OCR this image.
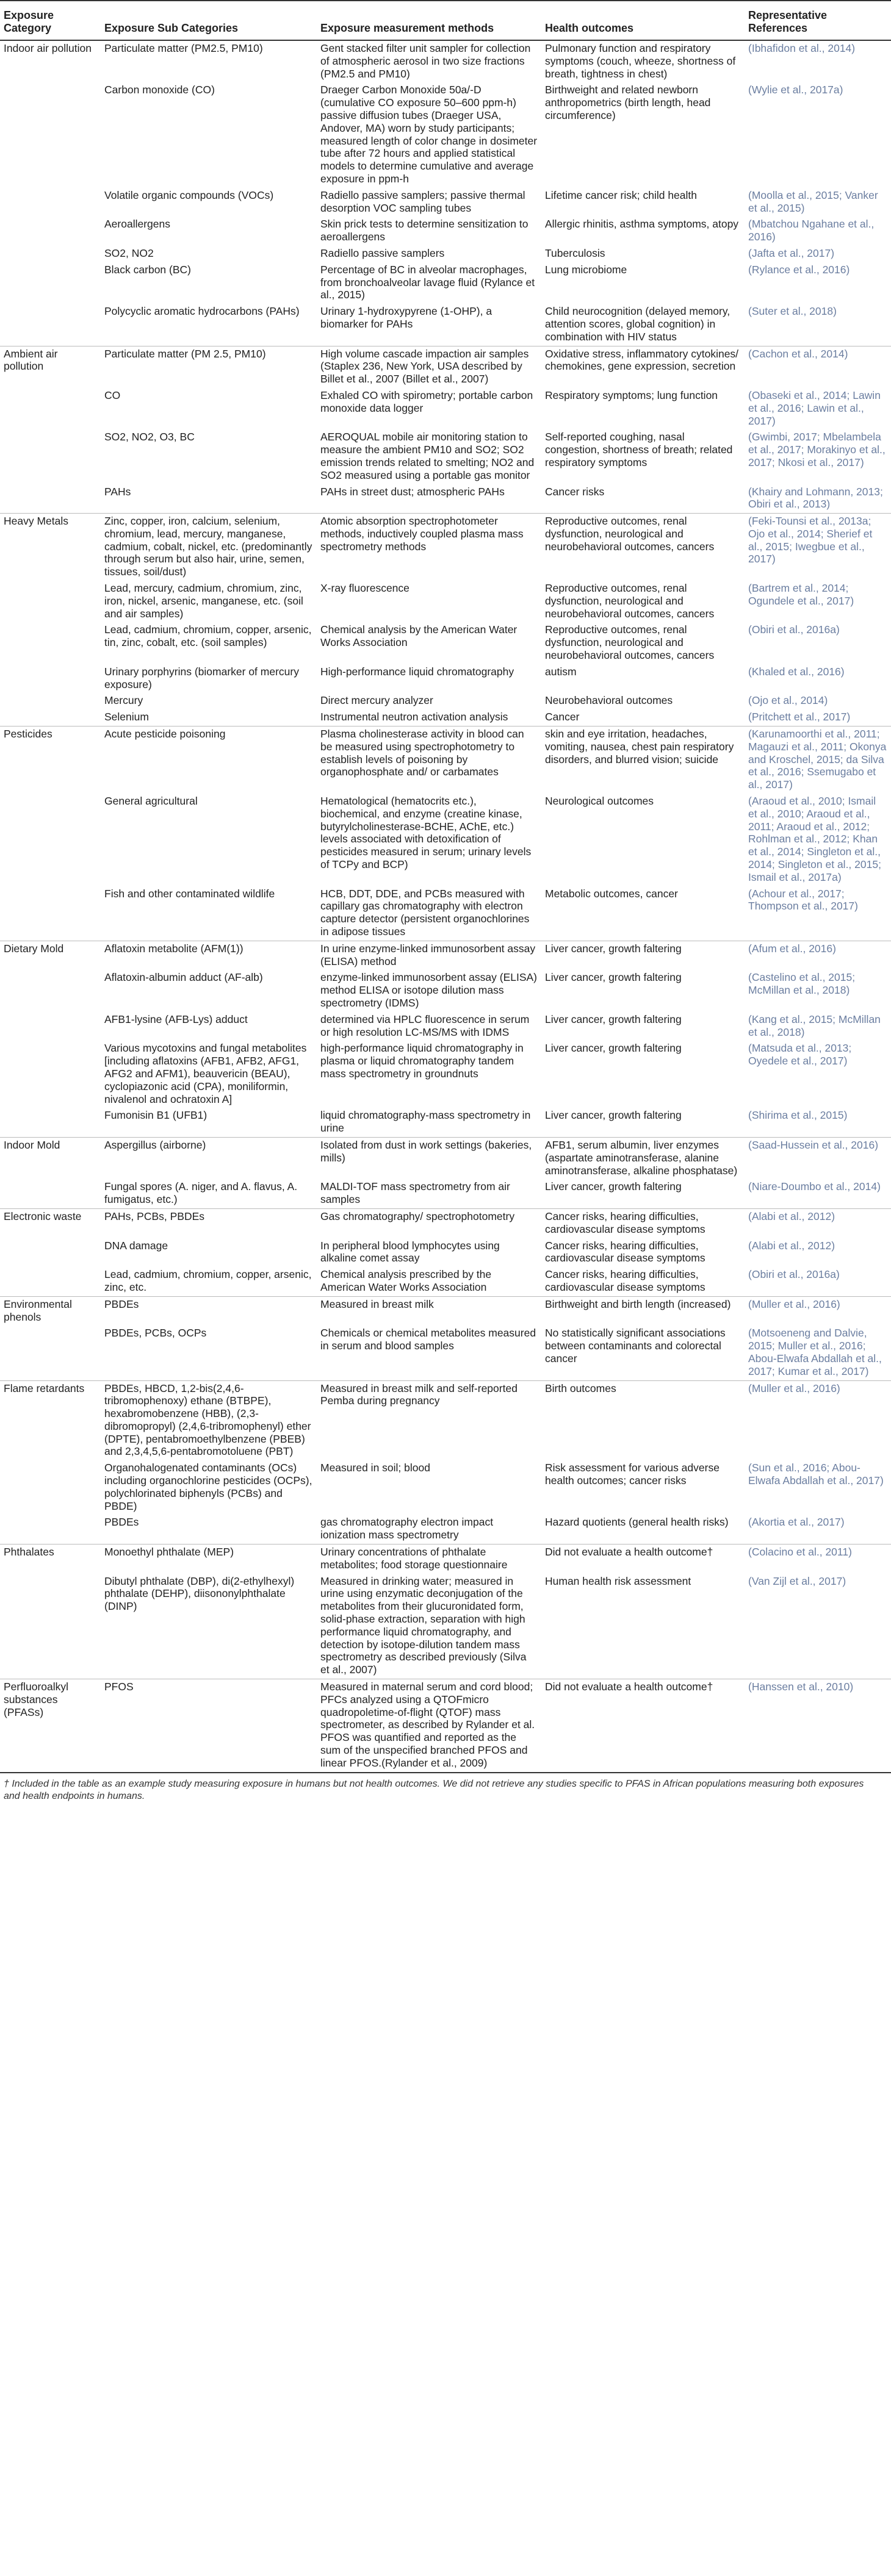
Exposure Category	Exposure Sub Categories	Exposure measurement methods	Health outcomes	Representative References
Indoor air pollution	Particulate matter (PM2.5, PM10)	Gent stacked filter unit sampler for collection of atmospheric aerosol in two size fractions (PM2.5 and PM10)	Pulmonary function and respiratory symptoms (couch, wheeze, shortness of breath, tightness in chest)	(Ibhafidon et al., 2014)
	Carbon monoxide (CO)	Draeger Carbon Monoxide 50a/-D (cumulative CO exposure 50–600 ppm-h) passive diffusion tubes (Draeger USA, Andover, MA) worn by study participants; measured length of color change in dosimeter tube after 72 hours and applied statistical models to determine cumulative and average exposure in ppm-h	Birthweight and related newborn anthropometrics (birth length, head circumference)	(Wylie et al., 2017a)
	Volatile organic compounds (VOCs)	Radiello passive samplers; passive thermal desorption VOC sampling tubes	Lifetime cancer risk; child health	(Moolla et al., 2015; Vanker et al., 2015)
	Aeroallergens	Skin prick tests to determine sensitization to aeroallergens	Allergic rhinitis, asthma symptoms, atopy	(Mbatchou Ngahane et al., 2016)
	SO2, NO2	Radiello passive samplers	Tuberculosis	(Jafta et al., 2017)
	Black carbon (BC)	Percentage of BC in alveolar macrophages, from bronchoalveolar lavage fluid (Rylance et al., 2015)	Lung microbiome	(Rylance et al., 2016)
	Polycyclic aromatic hydrocarbons (PAHs)	Urinary 1-hydroxypyrene (1-OHP), a biomarker for PAHs	Child neurocognition (delayed memory, attention scores, global cognition) in combination with HIV status	(Suter et al., 2018)
Ambient air pollution	Particulate matter (PM 2.5, PM10)	High volume cascade impaction air samples (Staplex 236, New York, USA described by Billet et al., 2007 (Billet et al., 2007)	Oxidative stress, inflammatory cytokines/ chemokines, gene expression, secretion	(Cachon et al., 2014)
	CO	Exhaled CO with spirometry; portable carbon monoxide data logger	Respiratory symptoms; lung function	(Obaseki et al., 2014; Lawin et al., 2016; Lawin et al., 2017)
	SO2, NO2, O3, BC	AEROQUAL mobile air monitoring station to measure the ambient PM10 and SO2; SO2 emission trends related to smelting; NO2 and SO2 measured using a portable gas monitor	Self-reported coughing, nasal congestion, shortness of breath; related respiratory symptoms	(Gwimbi, 2017; Mbelambela et al., 2017; Morakinyo et al., 2017; Nkosi et al., 2017)
	PAHs	PAHs in street dust; atmospheric PAHs	Cancer risks	(Khairy and Lohmann, 2013; Obiri et al., 2013)
Heavy Metals	Zinc, copper, iron, calcium, selenium, chromium, lead, mercury, manganese, cadmium, cobalt, nickel, etc. (predominantly through serum but also hair, urine, semen, tissues, soil/dust)	Atomic absorption spectrophotometer methods, inductively coupled plasma mass spectrometry methods	Reproductive outcomes, renal dysfunction, neurological and neurobehavioral outcomes, cancers	(Feki-Tounsi et al., 2013a; Ojo et al., 2014; Sherief et al., 2015; Iwegbue et al., 2017)
	Lead, mercury, cadmium, chromium, zinc, iron, nickel, arsenic, manganese, etc. (soil and air samples)	X-ray fluorescence	Reproductive outcomes, renal dysfunction, neurological and neurobehavioral outcomes, cancers	(Bartrem et al., 2014; Ogundele et al., 2017)
	Lead, cadmium, chromium, copper, arsenic, tin, zinc, cobalt, etc. (soil samples)	Chemical analysis by the American Water Works Association	Reproductive outcomes, renal dysfunction, neurological and neurobehavioral outcomes, cancers	(Obiri et al., 2016a)
	Urinary porphyrins (biomarker of mercury exposure)	High-performance liquid chromatography	autism	(Khaled et al., 2016)
	Mercury	Direct mercury analyzer	Neurobehavioral outcomes	(Ojo et al., 2014)
	Selenium	Instrumental neutron activation analysis	Cancer	(Pritchett et al., 2017)
Pesticides	Acute pesticide poisoning	Plasma cholinesterase activity in blood can be measured using spectrophotometry to establish levels of poisoning by organophosphate and/ or carbamates	skin and eye irritation, headaches, vomiting, nausea, chest pain respiratory disorders, and blurred vision; suicide	(Karunamoorthi et al., 2011; Magauzi et al., 2011; Okonya and Kroschel, 2015; da Silva et al., 2016; Ssemugabo et al., 2017)
	General agricultural	Hematological (hematocrits etc.), biochemical, and enzyme (creatine kinase, butyrylcholinesterase-BCHE, AChE, etc.) levels associated with detoxification of pesticides measured in serum; urinary levels of TCPy and BCP)	Neurological outcomes	(Araoud et al., 2010; Ismail et al., 2010; Araoud et al., 2011; Araoud et al., 2012; Rohlman et al., 2012; Khan et al., 2014; Singleton et al., 2014; Singleton et al., 2015; Ismail et al., 2017a)
	Fish and other contaminated wildlife	HCB, DDT, DDE, and PCBs measured with capillary gas chromatography with electron capture detector (persistent organochlorines in adipose tissues	Metabolic outcomes, cancer	(Achour et al., 2017; Thompson et al., 2017)
Dietary Mold	Aflatoxin metabolite (AFM(1))	In urine enzyme-linked immunosorbent assay (ELISA) method	Liver cancer, growth faltering	(Afum et al., 2016)
	Aflatoxin-albumin adduct (AF-alb)	enzyme-linked immunosorbent assay (ELISA) method ELISA or isotope dilution mass spectrometry (IDMS)	Liver cancer, growth faltering	(Castelino et al., 2015; McMillan et al., 2018)
	AFB1-lysine (AFB-Lys) adduct	determined via HPLC fluorescence in serum or high resolution LC-MS/MS with IDMS	Liver cancer, growth faltering	(Kang et al., 2015; McMillan et al., 2018)
	Various mycotoxins and fungal metabolites [including aflatoxins (AFB1, AFB2, AFG1, AFG2 and AFM1), beauvericin (BEAU), cyclopiazonic acid (CPA), moniliformin, nivalenol and ochratoxin A]	high-performance liquid chromatography in plasma or liquid chromatography tandem mass spectrometry in groundnuts	Liver cancer, growth faltering	(Matsuda et al., 2013; Oyedele et al., 2017)
	Fumonisin B1 (UFB1)	liquid chromatography-mass spectrometry in urine	Liver cancer, growth faltering	(Shirima et al., 2015)
Indoor Mold	Aspergillus (airborne)	Isolated from dust in work settings (bakeries, mills)	AFB1, serum albumin, liver enzymes (aspartate aminotransferase, alanine aminotransferase, alkaline phosphatase)	(Saad-Hussein et al., 2016)
	Fungal spores (A. niger, and A. flavus, A. fumigatus, etc.)	MALDI-TOF mass spectrometry from air samples	Liver cancer, growth faltering	(Niare-Doumbo et al., 2014)
Electronic waste	PAHs, PCBs, PBDEs	Gas chromatography/ spectrophotometry	Cancer risks, hearing difficulties, cardiovascular disease symptoms	(Alabi et al., 2012)
	DNA damage	In peripheral blood lymphocytes using alkaline comet assay	Cancer risks, hearing difficulties, cardiovascular disease symptoms	(Alabi et al., 2012)
	Lead, cadmium, chromium, copper, arsenic, zinc, etc.	Chemical analysis prescribed by the American Water Works Association	Cancer risks, hearing difficulties, cardiovascular disease symptoms	(Obiri et al., 2016a)
Environmental phenols	PBDEs	Measured in breast milk	Birthweight and birth length (increased)	(Muller et al., 2016)
	PBDEs, PCBs, OCPs	Chemicals or chemical metabolites measured in serum and blood samples	No statistically significant associations between contaminants and colorectal cancer	(Motsoeneng and Dalvie, 2015; Muller et al., 2016; Abou-Elwafa Abdallah et al., 2017; Kumar et al., 2017)
Flame retardants	PBDEs, HBCD, 1,2-bis(2,4,6-tribromophenoxy) ethane (BTBPE), hexabromobenzene (HBB), (2,3-dibromopropyl) (2,4,6-tribromophenyl) ether (DPTE), pentabromoethylbenzene (PBEB) and 2,3,4,5,6-pentabromotoluene (PBT)	Measured in breast milk and self-reported Pemba during pregnancy	Birth outcomes	(Muller et al., 2016)
	Organohalogenated contaminants (OCs) including organochlorine pesticides (OCPs), polychlorinated biphenyls (PCBs) and PBDE)	Measured in soil; blood	Risk assessment for various adverse health outcomes; cancer risks	(Sun et al., 2016; Abou-Elwafa Abdallah et al., 2017)
	PBDEs	gas chromatography electron impact ionization mass spectrometry	Hazard quotients (general health risks)	(Akortia et al., 2017)
Phthalates	Monoethyl phthalate (MEP)	Urinary concentrations of phthalate metabolites; food storage questionnaire	Did not evaluate a health outcome†	(Colacino et al., 2011)
	Dibutyl phthalate (DBP), di(2-ethylhexyl) phthalate (DEHP), diisononylphthalate (DINP)	Measured in drinking water; measured in urine using enzymatic deconjugation of the metabolites from their glucuronidated form, solid-phase extraction, separation with high performance liquid chromatography, and detection by isotope-dilution tandem mass spectrometry as described previously (Silva et al., 2007)	Human health risk assessment	(Van Zijl et al., 2017)
Perfluoroalkyl substances (PFASs)	PFOS	Measured in maternal serum and cord blood; PFCs analyzed using a QTOFmicro quadropoletime-of-flight (QTOF) mass spectrometer, as described by Rylander et al. PFOS was quantified and reported as the sum of the unspecified branched PFOS and linear PFOS.(Rylander et al., 2009)	Did not evaluate a health outcome†	(Hanssen et al., 2010)
† Included in the table as an example study measuring exposure in humans but not health outcomes. We did not retrieve any studies specific to PFAS in African populations measuring both exposures and health endpoints in humans.
